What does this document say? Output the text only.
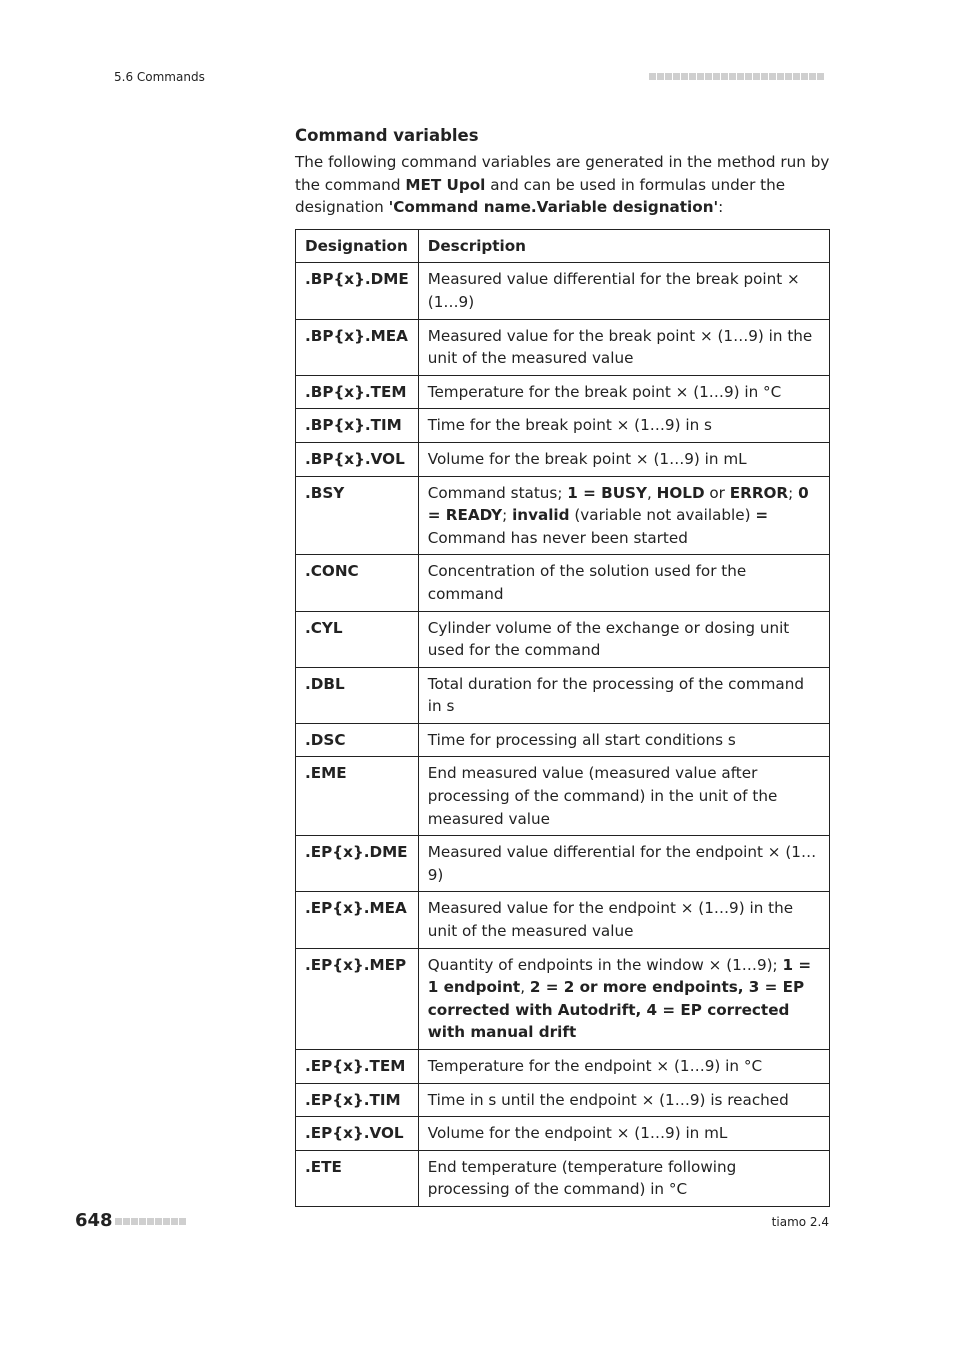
5.6 Commands
Command variables

The following command variables are generated in the method run by the command MET Upol and can be used in formulas under the designation 'Command name.Variable designation':

Designation	Description
.BP{x}.DME	Measured value differential for the break point × (1…9)
.BP{x}.MEA	Measured value for the break point × (1…9) in the unit of the measured value
.BP{x}.TEM	Temperature for the break point × (1…9) in °C
.BP{x}.TIM	Time for the break point × (1…9) in s
.BP{x}.VOL	Volume for the break point × (1…9) in mL
.BSY	Command status; 1 = BUSY, HOLD or ERROR; 0 = READY; invalid (variable not available) = Command has never been started
.CONC	Concentration of the solution used for the command
.CYL	Cylinder volume of the exchange or dosing unit used for the command
.DBL	Total duration for the processing of the command in s
.DSC	Time for processing all start conditions s
.EME	End measured value (measured value after processing of the command) in the unit of the measured value
.EP{x}.DME	Measured value differential for the endpoint × (1…9)
.EP{x}.MEA	Measured value for the endpoint × (1…9) in the unit of the measured value
.EP{x}.MEP	Quantity of endpoints in the window × (1…9); 1 = 1 endpoint, 2 = 2 or more endpoints, 3 = EP corrected with Autodrift, 4 = EP corrected with manual drift
.EP{x}.TEM	Temperature for the endpoint × (1…9) in °C
.EP{x}.TIM	Time in s until the endpoint × (1…9) is reached
.EP{x}.VOL	Volume for the endpoint × (1…9) in mL
.ETE	End temperature (temperature following processing of the command) in °C
648	tiamo 2.4
